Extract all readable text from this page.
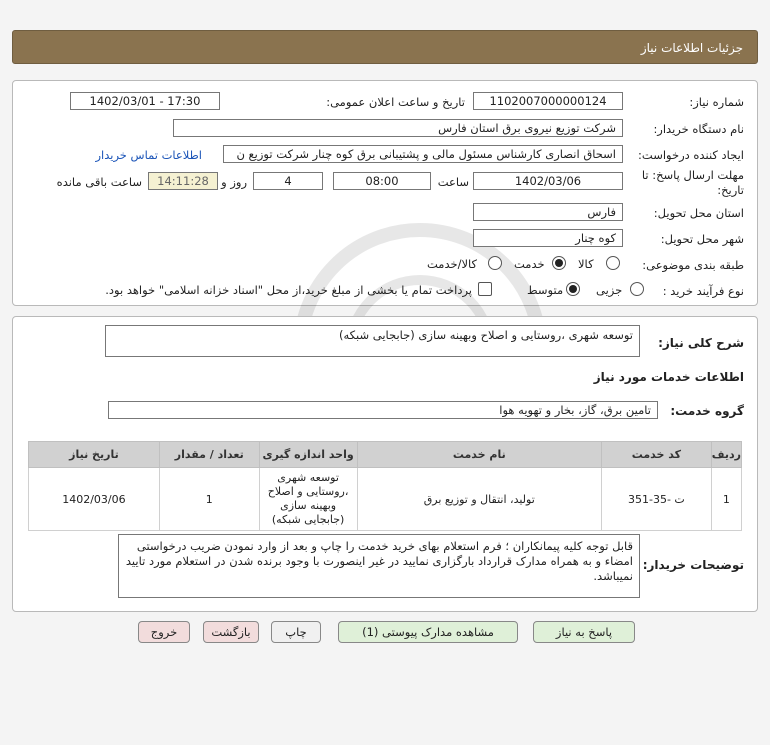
جزئیات اطلاعات نیاز
شماره نیاز:
1102007000000124
تاریخ و ساعت اعلان عمومی:
1402/03/01 - 17:30
نام دستگاه خریدار:
شرکت توزیع نیروی برق استان فارس
ایجاد کننده درخواست:
اسحاق انصاری کارشناس مسئول مالی و پشتیبانی برق کوه چنار شرکت توزیع ن
اطلاعات تماس خریدار
مهلت ارسال پاسخ: تا
تاریخ:
1402/03/06
ساعت
08:00
4
روز و
14:11:28
ساعت باقی مانده
استان محل تحویل:
فارس
شهر محل تحویل:
کوه چنار
طبقه بندی موضوعی:
کالا
خدمت
کالا/خدمت
نوع فرآیند خرید :
جزیی
متوسط
پرداخت تمام یا بخشی از مبلغ خرید،از محل "اسناد خزانه اسلامی" خواهد بود.
شرح کلی نیاز:
توسعه شهری ،روستایی و اصلاح وبهینه سازی (جابجایی شبکه)
اطلاعات خدمات مورد نیاز
گروه خدمت:
تامین برق، گاز، بخار و تهویه هوا
ردیف	کد خدمت	نام خدمت	واحد اندازه گیری	تعداد / مقدار	تاریخ نیاز
1	ت -35-351	تولید، انتقال و توزیع برق	توسعه شهری ،روستایی و اصلاح وبهینه سازی (جابجایی شبکه)	1	1402/03/06
توضیحات خریدار:
قابل توجه کلیه پیمانکاران ؛ فرم استعلام بهای خرید خدمت را چاپ و بعد از وارد نمودن ضریب درخواستی امضاء و به همراه مدارک قرارداد بارگزاری نمایید در غیر اینصورت با وجود برنده شدن در استعلام مورد تایید نمیباشد.
پاسخ به نیاز
مشاهده مدارک پیوستی (1)
چاپ
بازگشت
خروج
